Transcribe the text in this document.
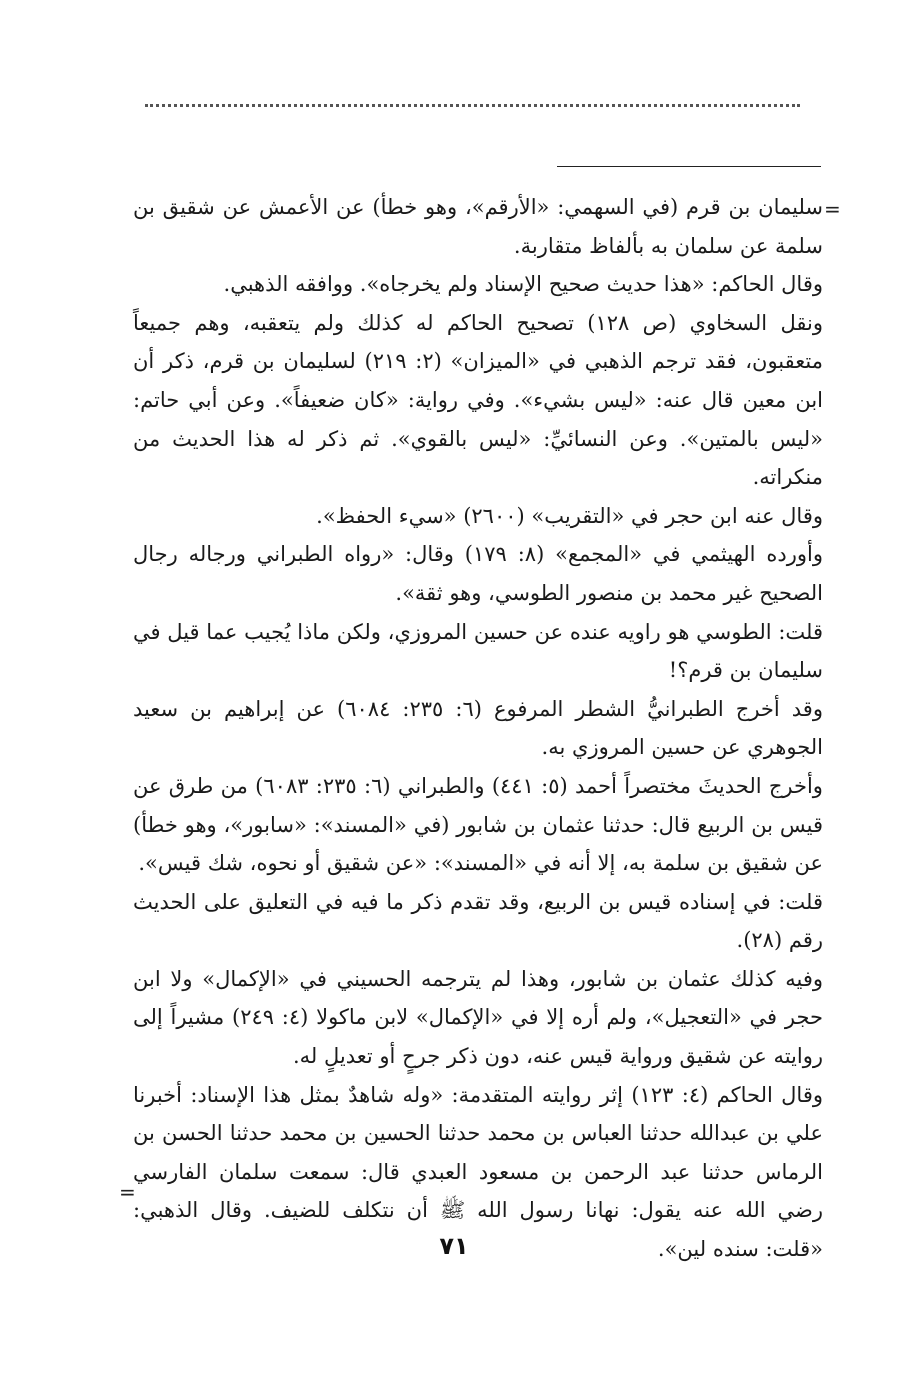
=

سليمان بن قرم (في السهمي: «الأرقم»، وهو خطأ) عن الأعمش عن شقيق بن سلمة عن سلمان به بألفاظ متقاربة.

وقال الحاكم: «هذا حديث صحيح الإسناد ولم يخرجاه». ووافقه الذهبي.

ونقل السخاوي (ص ١٢٨) تصحيح الحاكم له كذلك ولم يتعقبه، وهم جميعاً متعقبون، فقد ترجم الذهبي في «الميزان» (٢: ٢١٩) لسليمان بن قرم، ذكر أن ابن معين قال عنه: «ليس بشيء». وفي رواية: «كان ضعيفاً». وعن أبي حاتم: «ليس بالمتين». وعن النسائيِّ: «ليس بالقوي». ثم ذكر له هذا الحديث من منكراته.

وقال عنه ابن حجر في «التقريب» (٢٦٠٠) «سيء الحفظ».

وأورده الهيثمي في «المجمع» (٨: ١٧٩) وقال: «رواه الطبراني ورجاله رجال الصحيح غير محمد بن منصور الطوسي، وهو ثقة».

قلت: الطوسي هو راويه عنده عن حسين المروزي، ولكن ماذا يُجيب عما قيل في سليمان بن قرم؟!

وقد أخرج الطبرانيُّ الشطر المرفوع (٦: ٢٣٥: ٦٠٨٤) عن إبراهيم بن سعيد الجوهري عن حسين المروزي به.

وأخرج الحديثَ مختصراً أحمد (٥: ٤٤١) والطبراني (٦: ٢٣٥: ٦٠٨٣) من طرق عن قيس بن الربيع قال: حدثنا عثمان بن شابور (في «المسند»: «سابور»، وهو خطأ) عن شقيق بن سلمة به، إلا أنه في «المسند»: «عن شقيق أو نحوه، شك قيس».

قلت: في إسناده قيس بن الربيع، وقد تقدم ذكر ما فيه في التعليق على الحديث رقم (٢٨).

وفيه كذلك عثمان بن شابور، وهذا لم يترجمه الحسيني في «الإكمال» ولا ابن حجر في «التعجيل»، ولم أره إلا في «الإكمال» لابن ماكولا (٤: ٢٤٩) مشيراً إلى روايته عن شقيق ورواية قيس عنه، دون ذكر جرحٍ أو تعديلٍ له.

وقال الحاكم (٤: ١٢٣) إثر روايته المتقدمة: «وله شاهدٌ بمثل هذا الإسناد: أخبرنا علي بن عبدالله حدثنا العباس بن محمد حدثنا الحسين بن محمد حدثنا الحسن بن الرماس حدثنا عبد الرحمن بن مسعود العبدي قال: سمعت سلمان الفارسي رضي الله عنه يقول: نهانا رسول الله ﷺ أن نتكلف للضيف. وقال الذهبي: «قلت: سنده لين».

=
٧١
